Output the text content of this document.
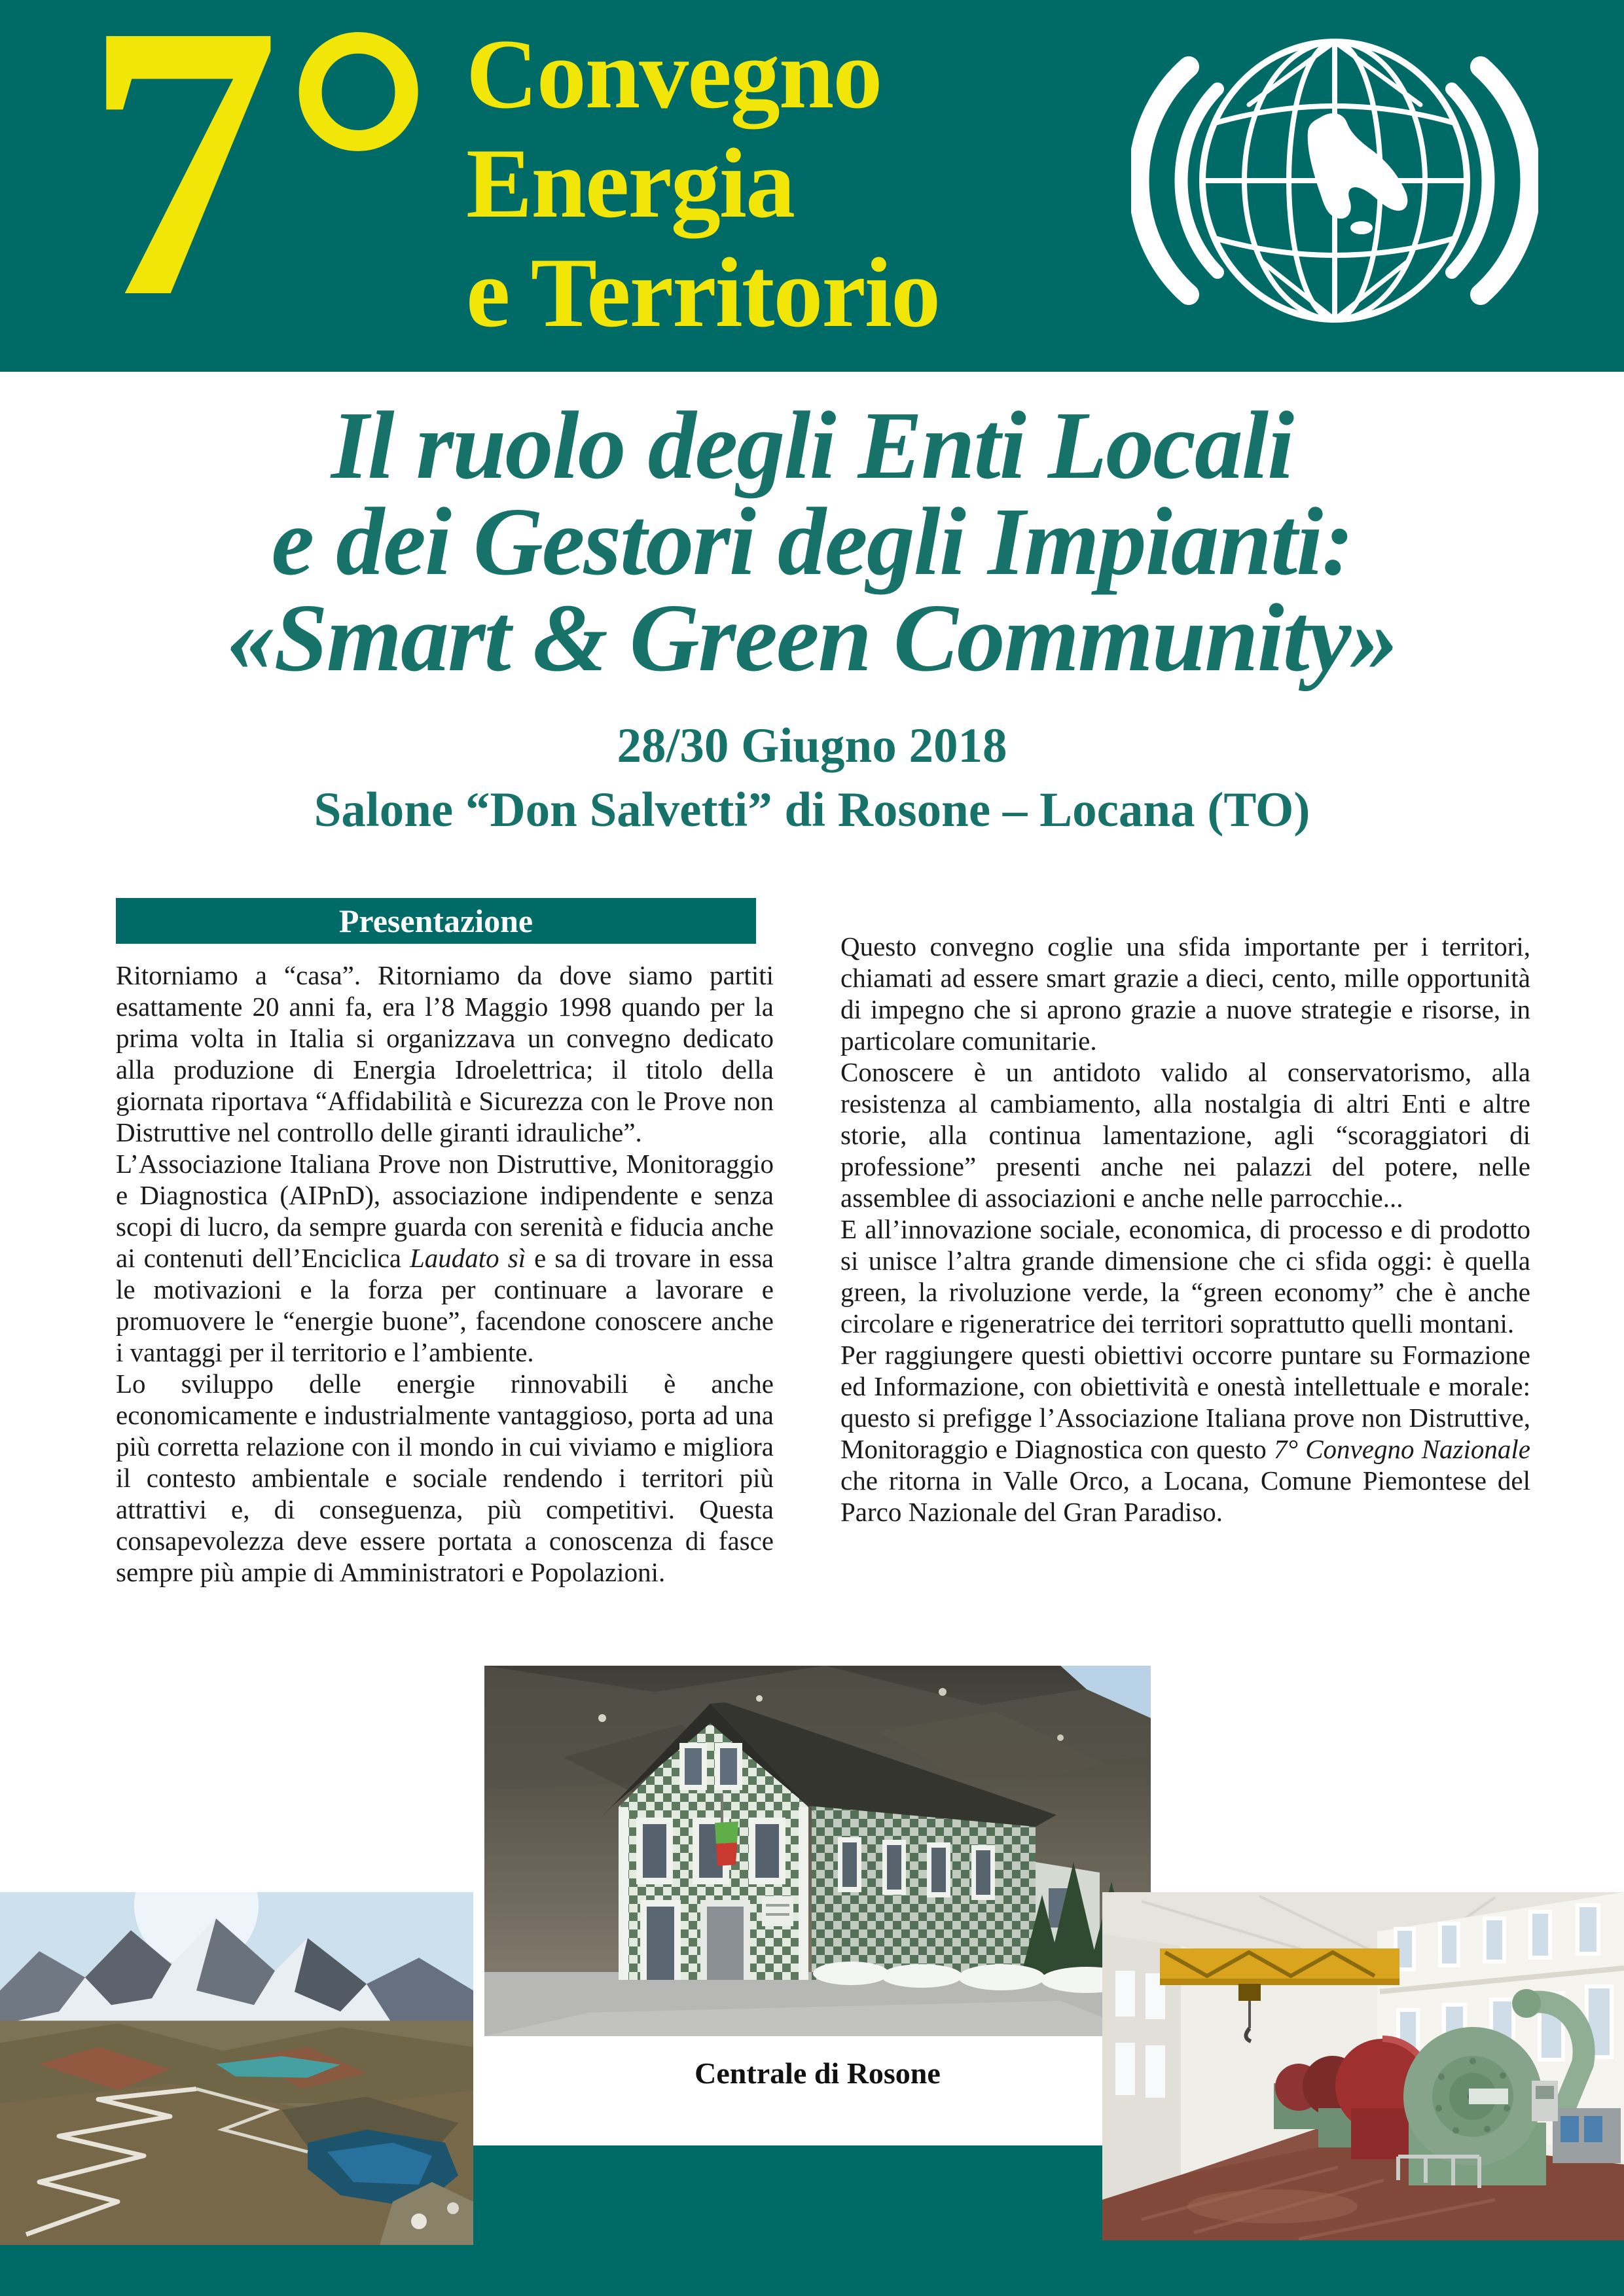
7° Convegno
Energia
e Territorio
Il ruolo degli Enti Locali
e dei Gestori degli Impianti:
«Smart & Green Community»
28/30 Giugno 2018
Salone “Don Salvetti” di Rosone – Locana (TO)
Presentazione

Ritorniamo a “casa”. Ritorniamo da dove siamo partiti esattamente 20 anni fa, era l’8 Maggio 1998 quando per la prima volta in Italia si organizzava un convegno dedicato alla produzione di Energia Idroelettrica; il titolo della giornata riportava “Affidabilità e Sicurezza con le Prove non Distruttive nel controllo delle giranti idrauliche”.

L’Associazione Italiana Prove non Distruttive, Monitoraggio e Diagnostica (AIPnD), associazione indipendente e senza scopi di lucro, da sempre guarda con serenità e fiducia anche ai contenuti dell’Enciclica Laudato sì e sa di trovare in essa le motivazioni e la forza per continuare a lavorare e promuovere le “energie buone”, facendone conoscere anche i vantaggi per il territorio e l’ambiente.

Lo sviluppo delle energie rinnovabili è anche economicamente e industrialmente vantaggioso, porta ad una più corretta relazione con il mondo in cui viviamo e migliora il contesto ambientale e sociale rendendo i territori più attrattivi e, di conseguenza, più competitivi. Questa consapevolezza deve essere portata a conoscenza di fasce sempre più ampie di Amministratori e Popolazioni.

Questo convegno coglie una sfida importante per i territori, chiamati ad essere smart grazie a dieci, cento, mille opportunità di impegno che si aprono grazie a nuove strategie e risorse, in particolare comunitarie.

Conoscere è un antidoto valido al conservatorismo, alla resistenza al cambiamento, alla nostalgia di altri Enti e altre storie, alla continua lamentazione, agli “scoraggiatori di professione” presenti anche nei palazzi del potere, nelle assemblee di associazioni e anche nelle parrocchie...

E all’innovazione sociale, economica, di processo e di prodotto si unisce l’altra grande dimensione che ci sfida oggi: è quella green, la rivoluzione verde, la “green economy” che è anche circolare e rigeneratrice dei territori soprattutto quelli montani.

Per raggiungere questi obiettivi occorre puntare su Formazione ed Informazione, con obiettività e onestà intellettuale e morale: questo si prefigge l’Associazione Italiana prove non Distruttive, Monitoraggio e Diagnostica con questo 7° Convegno Nazionale che ritorna in Valle Orco, a Locana, Comune Piemontese del Parco Nazionale del Gran Paradiso.

Centrale di Rosone
